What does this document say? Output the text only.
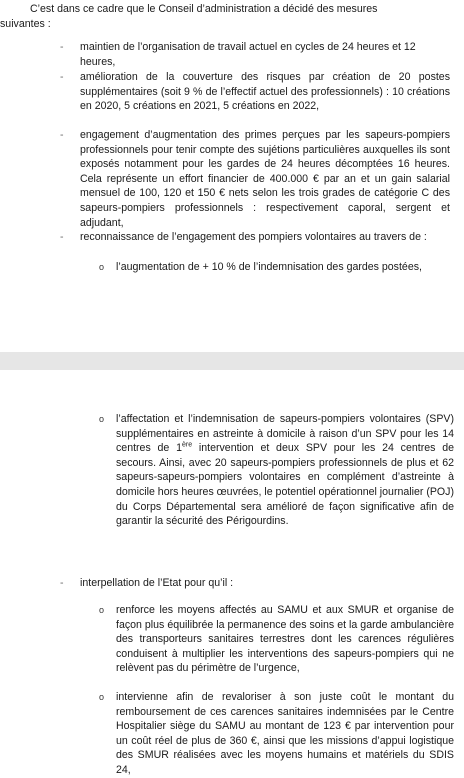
C’est dans ce cadre que le Conseil d’administration a décidé des mesures
suivantes :
-	maintien de l’organisation de travail actuel en cycles de 24 heures et 12 heures,
-	amélioration de la couverture des risques par création de 20 postes supplémentaires (soit 9 % de l’effectif actuel des professionnels) : 10 créations en 2020, 5 créations en 2021, 5 créations en 2022,
-	engagement d’augmentation des primes perçues par les sapeurs-pompiers professionnels pour tenir compte des sujétions particulières auxquelles ils sont exposés notamment pour les gardes de 24 heures décomptées 16 heures. Cela représente un effort financier de 400.000 € par an et un gain salarial mensuel de 100, 120 et 150 € nets selon les trois grades de catégorie C des sapeurs-pompiers professionnels : respectivement caporal, sergent et adjudant,
-	reconnaissance de l’engagement des pompiers volontaires au travers de :
o	l’augmentation de + 10 % de l’indemnisation des gardes postées,
o	l’affectation et l’indemnisation de sapeurs-pompiers volontaires (SPV) supplémentaires en astreinte à domicile à raison d’un SPV pour les 14 centres de 1ère intervention et deux SPV pour les 24 centres de secours. Ainsi, avec 20 sapeurs-pompiers professionnels de plus et 62 sapeurs-sapeurs-pompiers volontaires en complément d’astreinte à domicile hors heures œuvrées, le potentiel opérationnel journalier (POJ) du Corps Départemental sera amélioré de façon significative afin de garantir la sécurité des Périgourdins.
-	interpellation de l’Etat pour qu’il :
o	renforce les moyens affectés au SAMU et aux SMUR et organise de façon plus équilibrée la permanence des soins et la garde ambulancière des transporteurs sanitaires terrestres dont les carences régulières conduisent à multiplier les interventions des sapeurs-pompiers qui ne relèvent pas du périmètre de l’urgence,
o	intervienne afin de revaloriser à son juste coût le montant du remboursement de ces carences sanitaires indemnisées par le Centre Hospitalier siège du SAMU au montant de 123 € par intervention pour un coût réel de plus de 360 €, ainsi que les missions d’appui logistique des SMUR réalisées avec les moyens humains et matériels du SDIS 24,
